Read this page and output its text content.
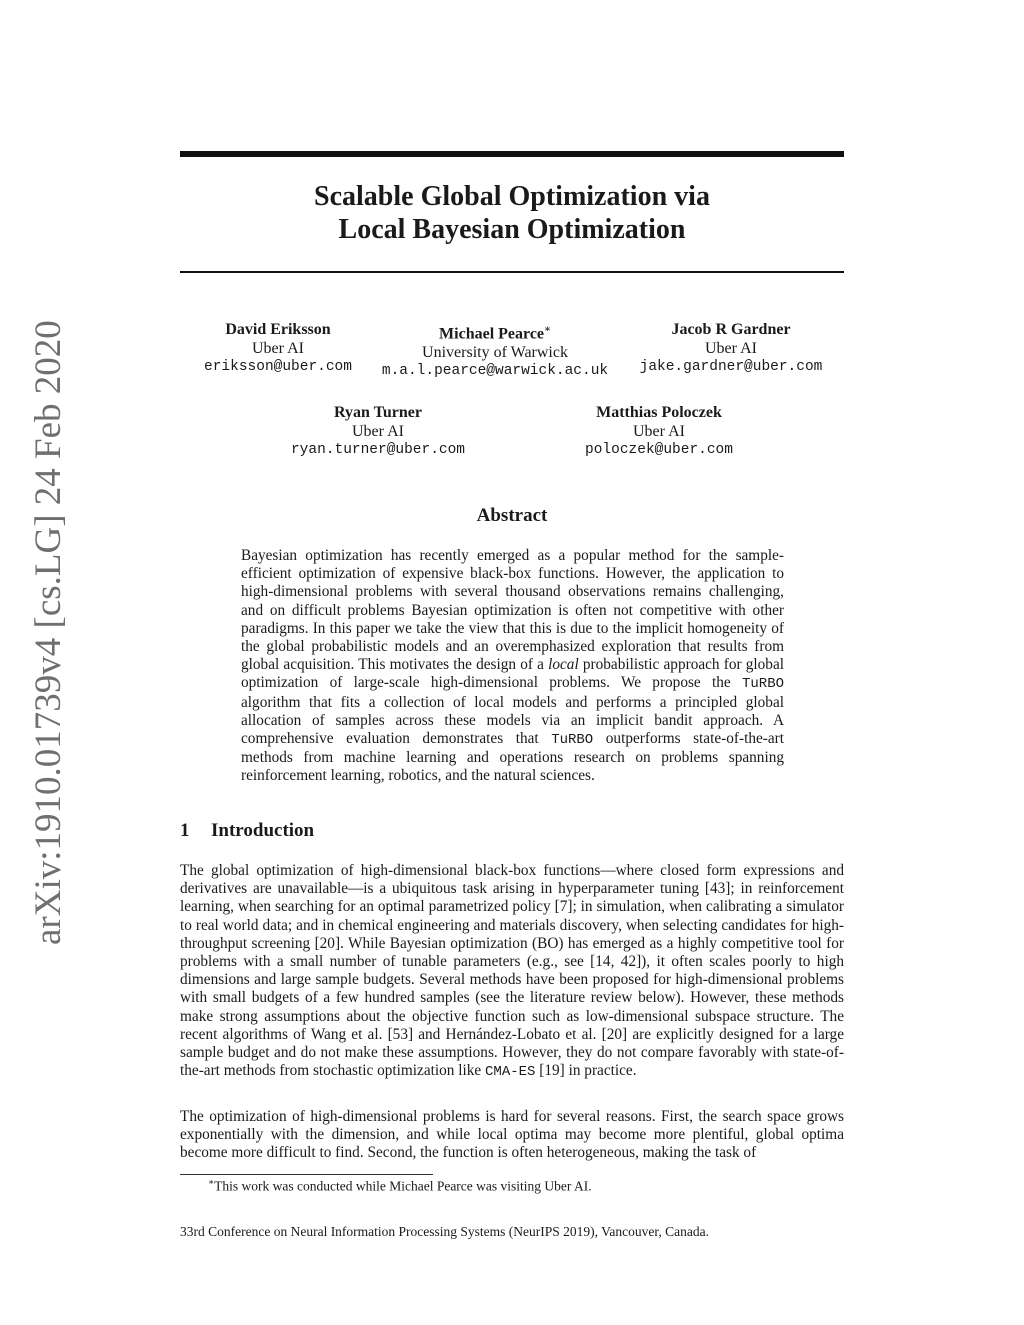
arXiv:1910.01739v4 [cs.LG] 24 Feb 2020
Scalable Global Optimization via
Local Bayesian Optimization
David Eriksson
Uber AI
eriksson@uber.com
Michael Pearce∗
University of Warwick
m.a.l.pearce@warwick.ac.uk
Jacob R Gardner
Uber AI
jake.gardner@uber.com
Ryan Turner
Uber AI
ryan.turner@uber.com
Matthias Poloczek
Uber AI
poloczek@uber.com
Abstract
Bayesian optimization has recently emerged as a popular method for the sample-efficient optimization of expensive black-box functions. However, the application to high-dimensional problems with several thousand observations remains challenging, and on difficult problems Bayesian optimization is often not competitive with other paradigms. In this paper we take the view that this is due to the implicit homogeneity of the global probabilistic models and an overemphasized exploration that results from global acquisition. This motivates the design of a local probabilistic approach for global optimization of large-scale high-dimensional problems. We propose the TuRBO algorithm that fits a collection of local models and performs a principled global allocation of samples across these models via an implicit bandit approach. A comprehensive evaluation demonstrates that TuRBO outperforms state-of-the-art methods from machine learning and operations research on problems spanning reinforcement learning, robotics, and the natural sciences.
1 Introduction
The global optimization of high-dimensional black-box functions—where closed form expressions and derivatives are unavailable—is a ubiquitous task arising in hyperparameter tuning [43]; in reinforcement learning, when searching for an optimal parametrized policy [7]; in simulation, when calibrating a simulator to real world data; and in chemical engineering and materials discovery, when selecting candidates for high-throughput screening [20]. While Bayesian optimization (BO) has emerged as a highly competitive tool for problems with a small number of tunable parameters (e.g., see [14, 42]), it often scales poorly to high dimensions and large sample budgets. Several methods have been proposed for high-dimensional problems with small budgets of a few hundred samples (see the literature review below). However, these methods make strong assumptions about the objective function such as low-dimensional subspace structure. The recent algorithms of Wang et al. [53] and Hernández-Lobato et al. [20] are explicitly designed for a large sample budget and do not make these assumptions. However, they do not compare favorably with state-of-the-art methods from stochastic optimization like CMA-ES [19] in practice.
The optimization of high-dimensional problems is hard for several reasons. First, the search space grows exponentially with the dimension, and while local optima may become more plentiful, global optima become more difficult to find. Second, the function is often heterogeneous, making the task of
∗This work was conducted while Michael Pearce was visiting Uber AI.
33rd Conference on Neural Information Processing Systems (NeurIPS 2019), Vancouver, Canada.
